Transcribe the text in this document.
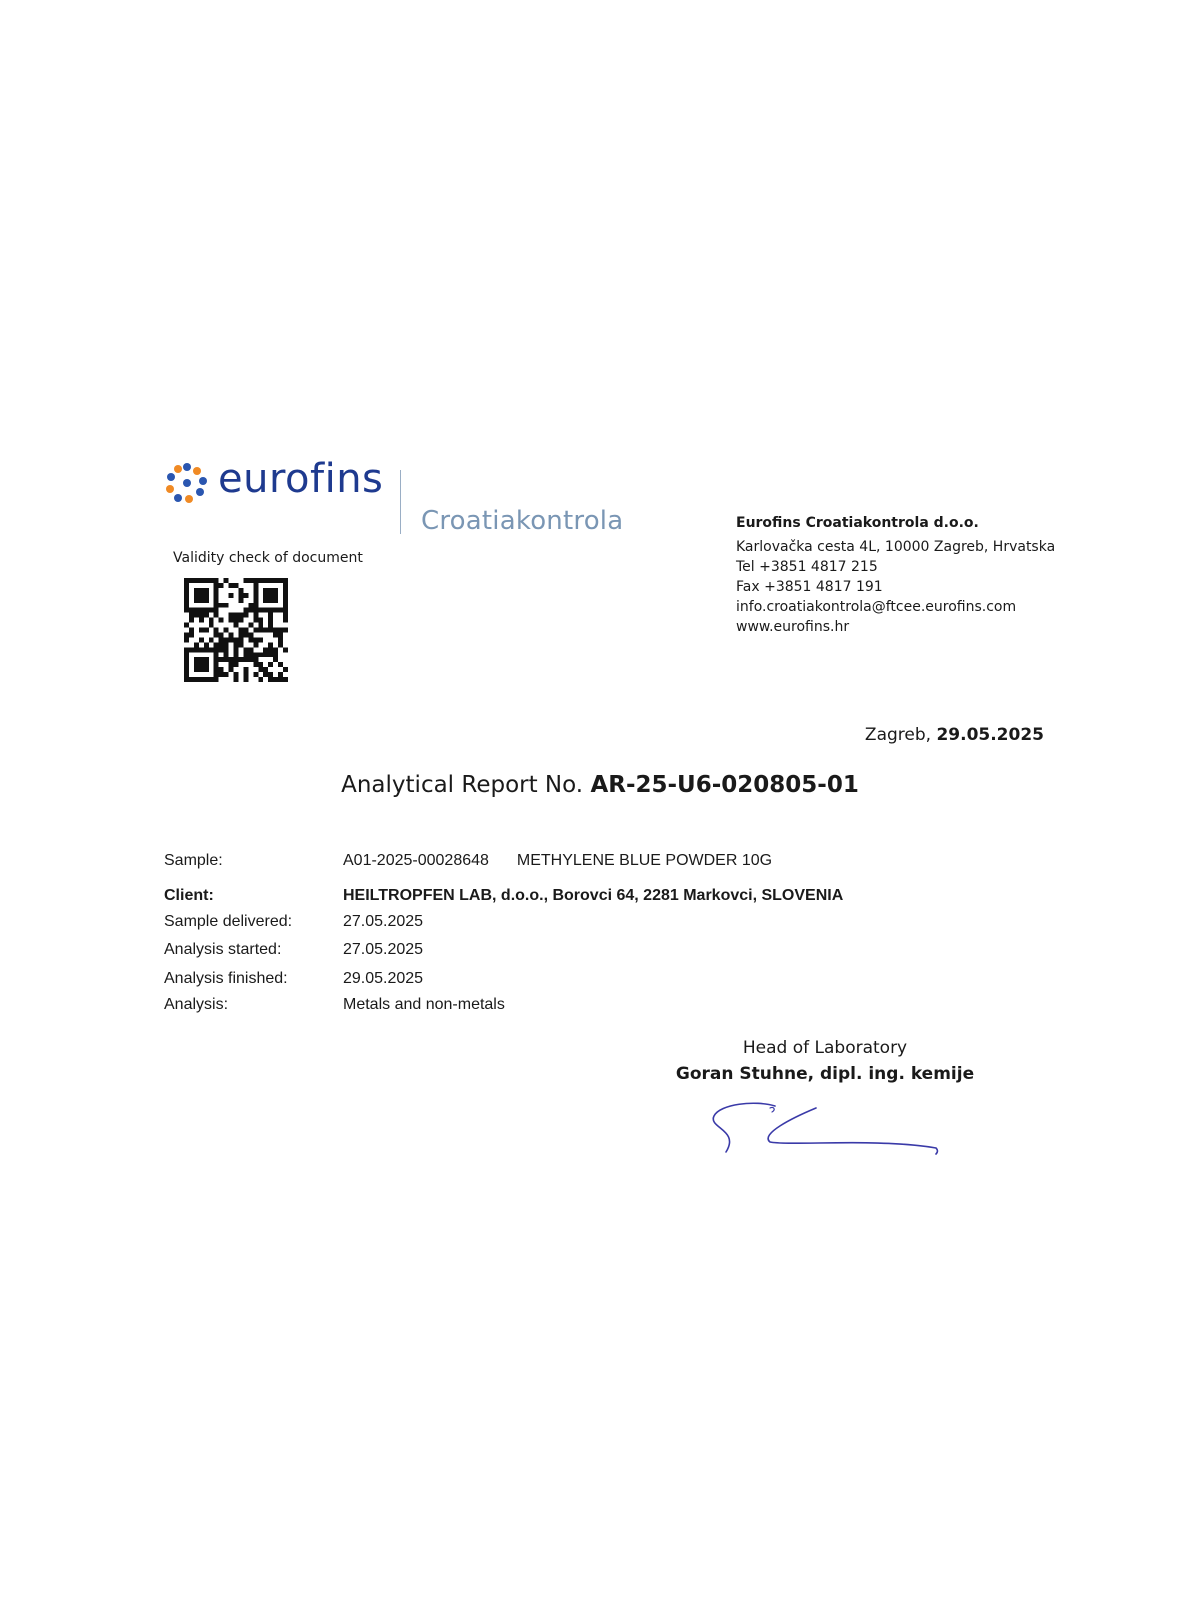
eurofins
Croatiakontrola
Validity check of document
Eurofins Croatiakontrola d.o.o.
Karlovačka cesta 4L, 10000 Zagreb, Hrvatska
Tel +3851 4817 215
Fax +3851 4817 191
info.croatiakontrola@ftcee.eurofins.com
www.eurofins.hr
Zagreb, 29.05.2025
Analytical Report No. AR-25-U6-020805-01
Sample:	A01-2025-00028648 METHYLENE BLUE POWDER 10G
Client:	HEILTROPFEN LAB, d.o.o., Borovci 64, 2281 Markovci, SLOVENIA
Sample delivered:	27.05.2025
Analysis started:	27.05.2025
Analysis finished:	29.05.2025
Analysis:	Metals and non-metals
Head of Laboratory
Goran Stuhne, dipl. ing. kemije
